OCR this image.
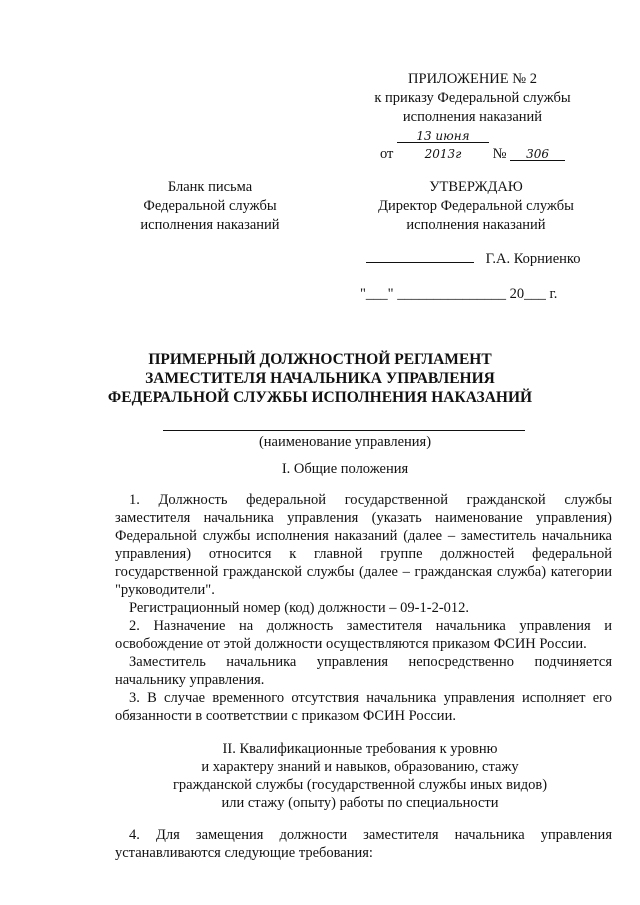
ПРИЛОЖЕНИЕ № 2
к приказу Федеральной службы
исполнения наказаний
от 13 июня 2013г № 306
Бланк письма
Федеральной службы
исполнения наказаний
УТВЕРЖДАЮ
Директор Федеральной службы
исполнения наказаний
Г.А. Корниенко
"___" _______________ 20___ г.
ПРИМЕРНЫЙ ДОЛЖНОСТНОЙ РЕГЛАМЕНТ
ЗАМЕСТИТЕЛЯ НАЧАЛЬНИКА УПРАВЛЕНИЯ
ФЕДЕРАЛЬНОЙ СЛУЖБЫ ИСПОЛНЕНИЯ НАКАЗАНИЙ
(наименование управления)
I. Общие положения

1. Должность федеральной государственной гражданской службы заместителя начальника управления (указать наименование управления) Федеральной службы исполнения наказаний (далее – заместитель начальника управления) относится к главной группе должностей федеральной государственной гражданской службы (далее – гражданская служба) категории "руководители".

Регистрационный номер (код) должности – 09-1-2-012.

2. Назначение на должность заместителя начальника управления и освобождение от этой должности осуществляются приказом ФСИН России.

Заместитель начальника управления непосредственно подчиняется начальнику управления.

3. В случае временного отсутствия начальника управления исполняет его обязанности в соответствии с приказом ФСИН России.

II. Квалификационные требования к уровню
и характеру знаний и навыков, образованию, стажу
гражданской службы (государственной службы иных видов)
или стажу (опыту) работы по специальности

4. Для замещения должности заместителя начальника управления устанавливаются следующие требования:
